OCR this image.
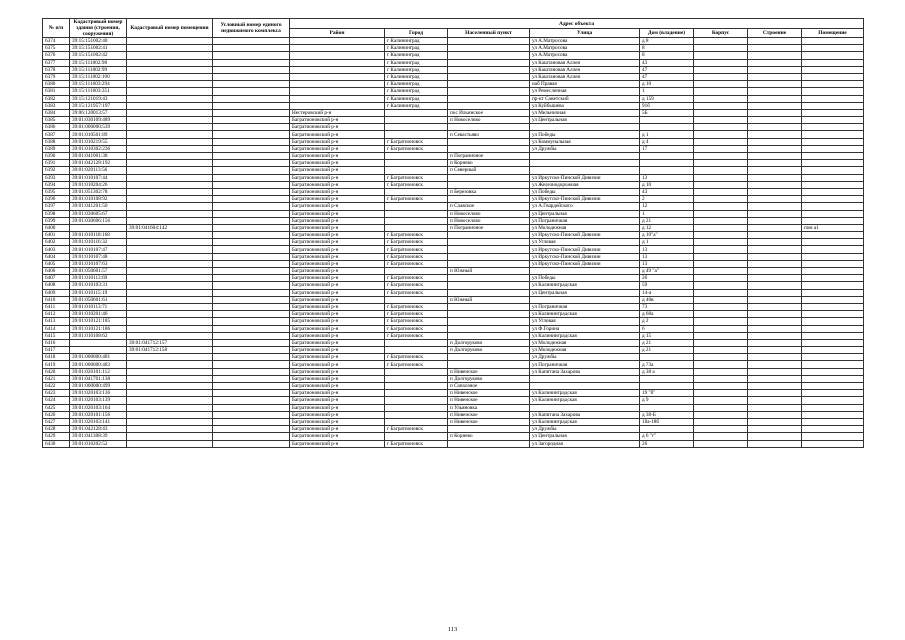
№ п/п	Кадастровый номер здания (строения, сооружения)	Кадастровый номер помещения	Условный номер единого недвижимого комплекса	Адрес объекта							
				Район	Город	Населенный пункт	Улица	Дом (владение)	Корпус	Строение	Помещение
6374	39:15:151002:40				г Калининград		ул А.Матросова	д 8			
6375	39:15:151002:41				г Калининград		ул А.Матросова	8			
6376	39:15:151002:42				г Калининград		ул А.Матросова	8			
6377	39:15:111002:98				г Калининград		ул Каштановая Аллея	43			
6378	39:15:111002:99				г Калининград		ул Каштановая Аллея	47			
6379	39:15:111002:100				г Калининград		ул Каштановая Аллея	47			
6380	39:15:111603:294				г Калининград		наб Правая	д 10			
6381	39:15:111603:351				г Калининград		ул Ремесленная	1			
6382	39:15:121019:43				г Калининград		пр-кт Советский	д 159			
6383	39:15:121957:197				г Калининград		ул Куйбышева	91б			
6384	39:06:120013:57			Нестеровский р-н		пос Ильинское	ул Мельничная	5Б			
6385	39:01:030109:489			Багратионовский р-н		п Новоселово	ул Центральная				
6386	39:01:000000:539			Багратионовский р-н							
6387	39:01:010501:89			Багратионовский р-н		п Севастьяво	ул Победы	д 1			
6388	39:01:010219:55			Багратионовский р-н	г Багратионовск		ул Коммунальная	д 4			
6389	39:01:010302:236			Багратионовский р-н	г Багратионовск		ул Дружбы	17			
6390	39:01:041001:38			Багратионовский р-н		п Пограничное					
6391	39:01:042128:192			Багратионовский р-н		п Корнево					
6392	39:01:020113:56			Багратионовский р-н		п Северный					
6393	39:01:010107:44			Багратионовский р-н	г Багратионовск		ул Иркутско-Пинской Дивизии	13			
6394	39:01:010204:26			Багратионовский р-н	г Багратионовск		ул Железнодорожная	д 10			
6395	39:01:051302:78			Багратионовский р-н		п Березовка	ул Победы	43			
6396	39:01:010108:92			Багратионовский р-н	г Багратионовск		ул Иркутско-Пинской Дивизии	2			
6397	39:01:041201:50			Багратионовский р-н		п Славское	ул А.Гвардейского	12			
6398	39:01:030605:67			Багратионовский р-н		п Новоселово	ул Центральная	1			
6399	39:01:030606:156			Багратионовский р-н		п Новоселово	ул Пограничная	д 21			
6400		39:01:041604:142		Багратионовский р-н		п Пограничное	ул Молодежная	д 12			пом а1
6401	39:01:010118:168			Багратионовский р-н	г Багратионовск		ул Иркутско-Пинской Дивизии	д 10"а"			
6402	39:01:010116:32			Багратионовский р-н	г Багратионовск		ул Угловая	д 1			
6403	39:01:010107:47			Багратионовский р-н	г Багратионовск		ул Иркутско-Пинской Дивизии	13			
6404	39:01:010107:48			Багратионовский р-н	г Багратионовск		ул Иркутско-Пинской Дивизии	13			
6405	39:01:010107:63			Багратионовский р-н	г Багратионовск		ул Иркутско-Пинской Дивизии	13			
6406	39:01:050601:57			Багратионовский р-н		п Южный		д 49 "а"			
6407	39:01:010113:69			Багратионовский р-н	г Багратионовск		ул Победы	26			
6408	39:01:010103:31			Багратионовский р-н	г Багратионовск		ул Калининградская	59			
6409	39:01:010115:19			Багратионовский р-н	г Багратионовск		ул Центральная	14-а			
6410	39:01:050601:61			Багратионовский р-н		п Южный		д 40в			
6411	39:01:010113:71			Багратионовский р-н	г Багратионовск		ул Пограничная	73			
6412	39:01:010201:46			Багратионовский р-н	г Багратионовск		ул Калининградская	д 68а			
6413	39:01:010121:185			Багратионовский р-н	г Багратионовск		ул Угловая	д 2			
6414	39:01:010121:186			Багратионовский р-н	г Багратионовск		ул Ф.Горина	6			
6415	39:01:010108:62			Багратионовский р-н	г Багратионовск		ул Калининградская	д 15			
6416		39:01:041712:157		Багратионовский р-н		п Долгоруково	ул Молодежная	д 21			
6417		39:01:041712:158		Багратионовский р-н		п Долгоруково	ул Молодежная	д 21			
6418	39:01:000000:481			Багратионовский р-н	г Багратионовск		ул Дружбы				
6419	39:01:000000:483			Багратионовский р-н	г Багратионовск		ул Пограничная	д 73а			
6420	39:01:020101:112			Багратионовский р-н		п Нивенское	ул Капитана Захарова	д 38 а			
6421	39:01:041701:138			Багратионовский р-н		п Долгоруково					
6422	39:01:000000:499			Багратионовский р-н		п Совхозное					
6423	39:01:020103:136			Багратионовский р-н		п Нивенское	ул Калининградская	19 "б"			
6424	39:01:020103:139			Багратионовский р-н		п Нивенское	ул Калининградская	д 9			
6425	39:01:020103:164			Багратионовский р-н		п Ульяновка					
6426	39:01:020101:156			Багратионовский р-н		п Нивенское	ул Капитана Захарова	д 38-Б			
6427	39:01:020103:141			Багратионовский р-н		п Нивенское	ул Калининградская	18а-18б			
6428	39:01:042128:43			Багратионовский р-н	г Багратионовск		ул Дружбы				
6429	39:01:041308:39			Багратионовский р-н		п Корнево	ул Центральная	д 6 "г"			
6430	39:01:010202:52			Багратионовский р-н	г Багратионовск		ул Загородная	26			
113
